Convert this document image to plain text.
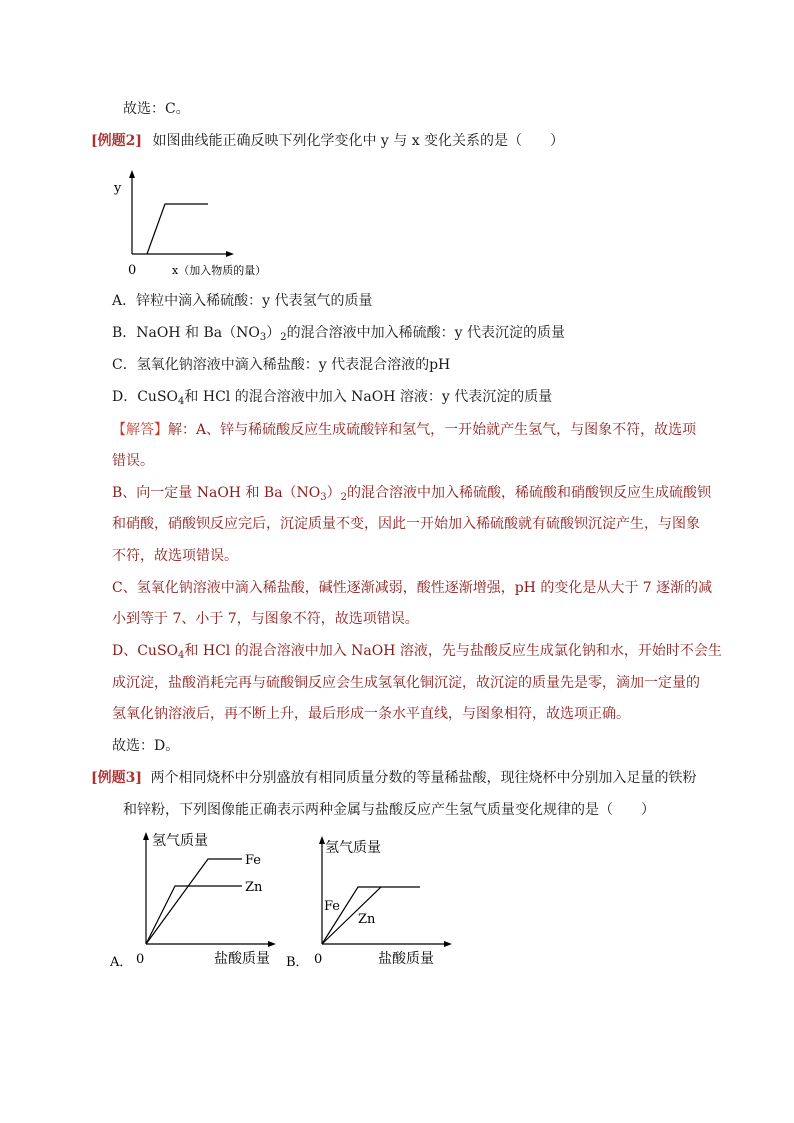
故选：C。
[例题2] 如图曲线能正确反映下列化学变化中 y 与 x 变化关系的是（　　）
y
0	x（加入物质的量）
A．锌粒中滴入稀硫酸：y 代表氢气的质量
B．NaOH 和 $Ba(NO_3)_2$的混合溶液中加入稀硫酸：y 代表沉淀的质量
C．氢氧化钠溶液中滴入稀盐酸：y 代表混合溶液的pH
D．CuSO$_4$和 HCl 的混合溶液中加入 NaOH 溶液：y 代表沉淀的质量
【解答】解：A、锌与稀硫酸反应生成硫酸锌和氢气，一开始就产生氢气，与图象不符，故选项
错误。
B、向一定量 NaOH 和 $Ba(NO_3)_2$的混合溶液中加入稀硫酸，稀硫酸和硝酸钡反应生成硫酸钡
和硝酸，硝酸钡反应完后，沉淀质量不变，因此一开始加入稀硫酸就有硫酸钡沉淀产生，与图象
不符，故选项错误。
C、氢氧化钠溶液中滴入稀盐酸，碱性逐渐减弱，酸性逐渐增强，pH 的变化是从大于 7 逐渐的减
小到等于 7、小于 7，与图象不符，故选项错误。
D、CuSO$_4$和 HCl 的混合溶液中加入 NaOH 溶液，先与盐酸反应生成氯化钠和水，开始时不会生
成沉淀，盐酸消耗完再与硫酸铜反应会生成氢氧化铜沉淀，故沉淀的质量先是零，滴加一定量的
氢氧化钠溶液后，再不断上升，最后形成一条水平直线，与图象相符，故选项正确。
故选：D。
[例题3] 两个相同烧杯中分别盛放有相同质量分数的等量稀盐酸，现往烧杯中分别加入足量的铁粉
和锌粉，下列图像能正确表示两种金属与盐酸反应产生氢气质量变化规律的是（　　）
氢气质量
Fe
Zn
A． 0	盐酸质量
氢气质量
Fe
Zn
B． 0	盐酸质量
